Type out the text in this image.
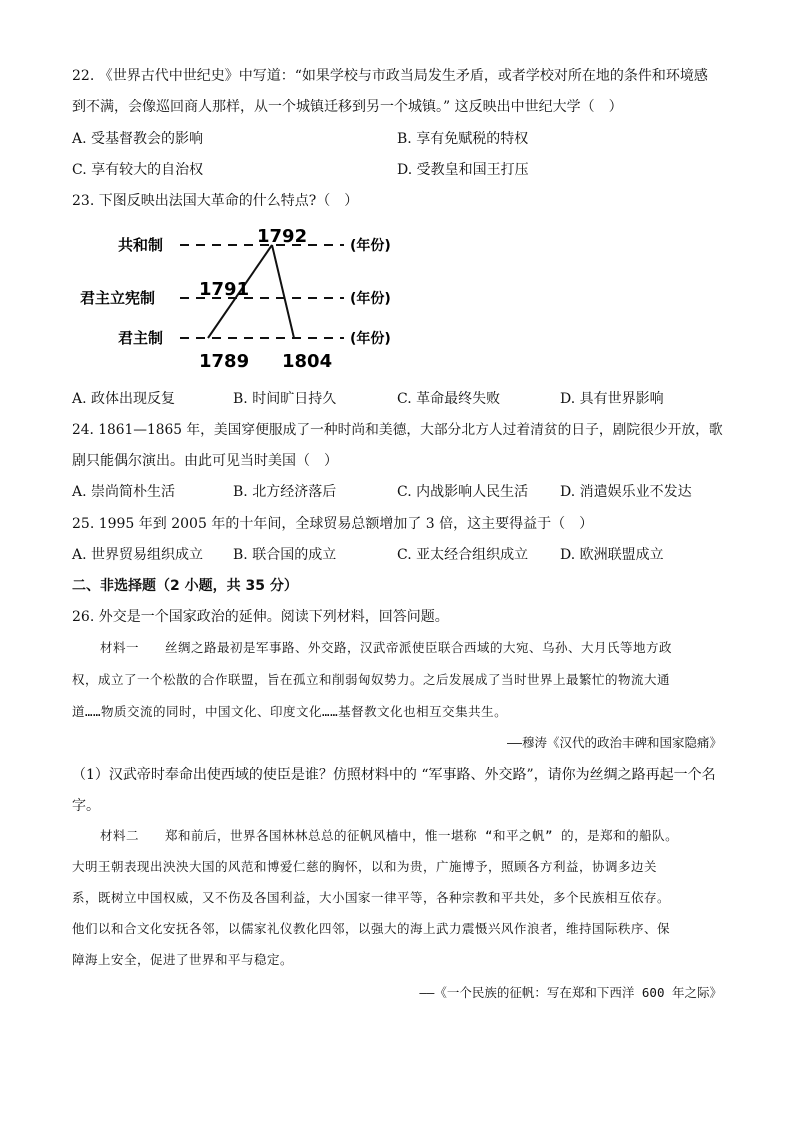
22. 《世界古代中世纪史》中写道：“如果学校与市政当局发生矛盾，或者学校对所在地的条件和环境感
到不满，会像巡回商人那样，从一个城镇迁移到另一个城镇。” 这反映出中世纪大学（　）
A. 受基督教会的影响	B. 享有免赋税的特权
C. 享有较大的自治权	D. 受教皇和国王打压
23. 下图反映出法国大革命的什么特点?（　）
共和制
君主立宪制
君主制
(年份)
(年份)
(年份)
1792
1791
1789 1804
A. 政体出现反复	B. 时间旷日持久	C. 革命最终失败	D. 具有世界影响
24. 1861—1865 年，美国穿便服成了一种时尚和美德，大部分北方人过着清贫的日子，剧院很少开放，歌
剧只能偶尔演出。由此可见当时美国（　）
A. 崇尚简朴生活	B. 北方经济落后	C. 内战影响人民生活 D. 消遣娱乐业不发达
25. 1995 年到 2005 年的十年间，全球贸易总额增加了 3 倍，这主要得益于（　）
A. 世界贸易组织成立 B. 联合国的成立	C. 亚太经合组织成立 D. 欧洲联盟成立
二、非选择题（2 小题，共 35 分）
26. 外交是一个国家政治的延伸。阅读下列材料，回答问题。
材料一　　丝绸之路最初是军事路、外交路，汉武帝派使臣联合西域的大宛、乌孙、大月氏等地方政
权，成立了一个松散的合作联盟，旨在孤立和削弱匈奴势力。之后发展成了当时世界上最繁忙的物流大通
道……物质交流的同时，中国文化、印度文化……基督教文化也相互交集共生。
——穆涛《汉代的政治丰碑和国家隐痛》
（1）汉武帝时奉命出使西域的使臣是谁？仿照材料中的 “军事路、外交路”，请你为丝绸之路再起一个名
字。
材料二　　郑和前后，世界各国林林总总的征帆风樯中，惟一堪称 “和平之帆” 的，是郑和的船队。
大明王朝表现出泱泱大国的风范和博爱仁慈的胸怀，以和为贵，广施博予，照顾各方利益，协调多边关
系，既树立中国权威，又不伤及各国利益，大小国家一律平等，各种宗教和平共处，多个民族相互依存。
他们以和合文化安抚各邻，以儒家礼仪教化四邻，以强大的海上武力震慑兴风作浪者，维持国际秩序、保
障海上安全，促进了世界和平与稳定。
——《一个民族的征帆：写在郑和下西洋 600 年之际》
